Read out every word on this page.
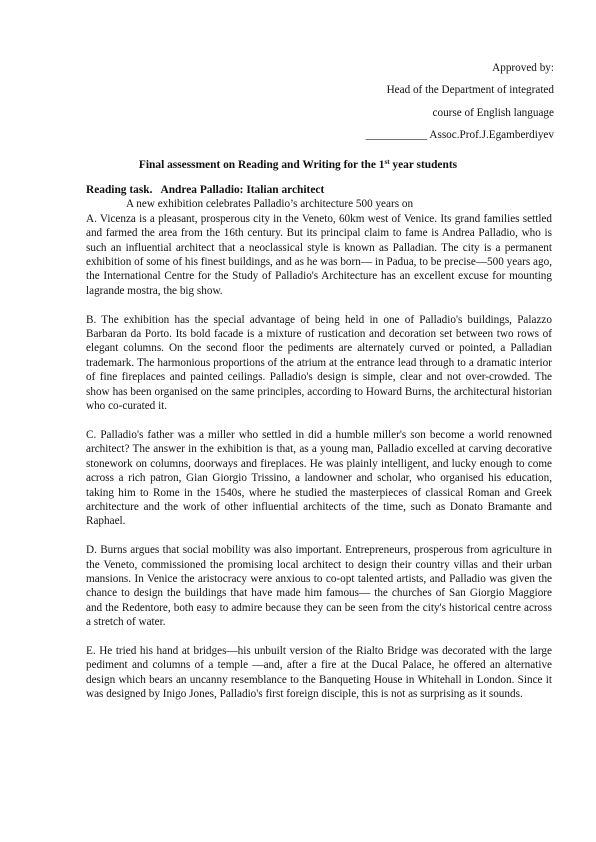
Approved by:
Head of the Department of integrated
course of English language
___________ Assoc.Prof.J.Egamberdiyev
Final assessment on Reading and Writing for the 1st year students
Reading task. Andrea Palladio: Italian architect
A new exhibition celebrates Palladio’s architecture 500 years on

A. Vicenza is a pleasant, prosperous city in the Veneto, 60km west of Venice. Its grand families settled and farmed the area from the 16th century. But its principal claim to fame is Andrea Palladio, who is such an influential architect that a neoclassical style is known as Palladian. The city is a permanent exhibition of some of his finest buildings, and as he was born— in Padua, to be precise—500 years ago, the International Centre for the Study of Palladio's Architecture has an excellent excuse for mounting lagrande mostra, the big show.

B. The exhibition has the special advantage of being held in one of Palladio's buildings, Palazzo Barbaran da Porto. Its bold facade is a mixture of rustication and decoration set between two rows of elegant columns. On the second floor the pediments are alternately curved or pointed, a Palladian trademark. The harmonious proportions of the atrium at the entrance lead through to a dramatic interior of fine fireplaces and painted ceilings. Palladio's design is simple, clear and not over-crowded. The show has been organised on the same principles, according to Howard Burns, the architectural historian who co-curated it.

C. Palladio's father was a miller who settled in did a humble miller's son become a world renowned architect? The answer in the exhibition is that, as a young man, Palladio excelled at carving decorative stonework on columns, doorways and fireplaces. He was plainly intelligent, and lucky enough to come across a rich patron, Gian Giorgio Trissino, a landowner and scholar, who organised his education, taking him to Rome in the 1540s, where he studied the masterpieces of classical Roman and Greek architecture and the work of other influential architects of the time, such as Donato Bramante and Raphael.

D. Burns argues that social mobility was also important. Entrepreneurs, prosperous from agriculture in the Veneto, commissioned the promising local architect to design their country villas and their urban mansions. In Venice the aristocracy were anxious to co-opt talented artists, and Palladio was given the chance to design the buildings that have made him famous— the churches of San Giorgio Maggiore and the Redentore, both easy to admire because they can be seen from the city's historical centre across a stretch of water.

E. He tried his hand at bridges—his unbuilt version of the Rialto Bridge was decorated with the large pediment and columns of a temple —and, after a fire at the Ducal Palace, he offered an alternative design which bears an uncanny resemblance to the Banqueting House in Whitehall in London. Since it was designed by Inigo Jones, Palladio's first foreign disciple, this is not as surprising as it sounds.
